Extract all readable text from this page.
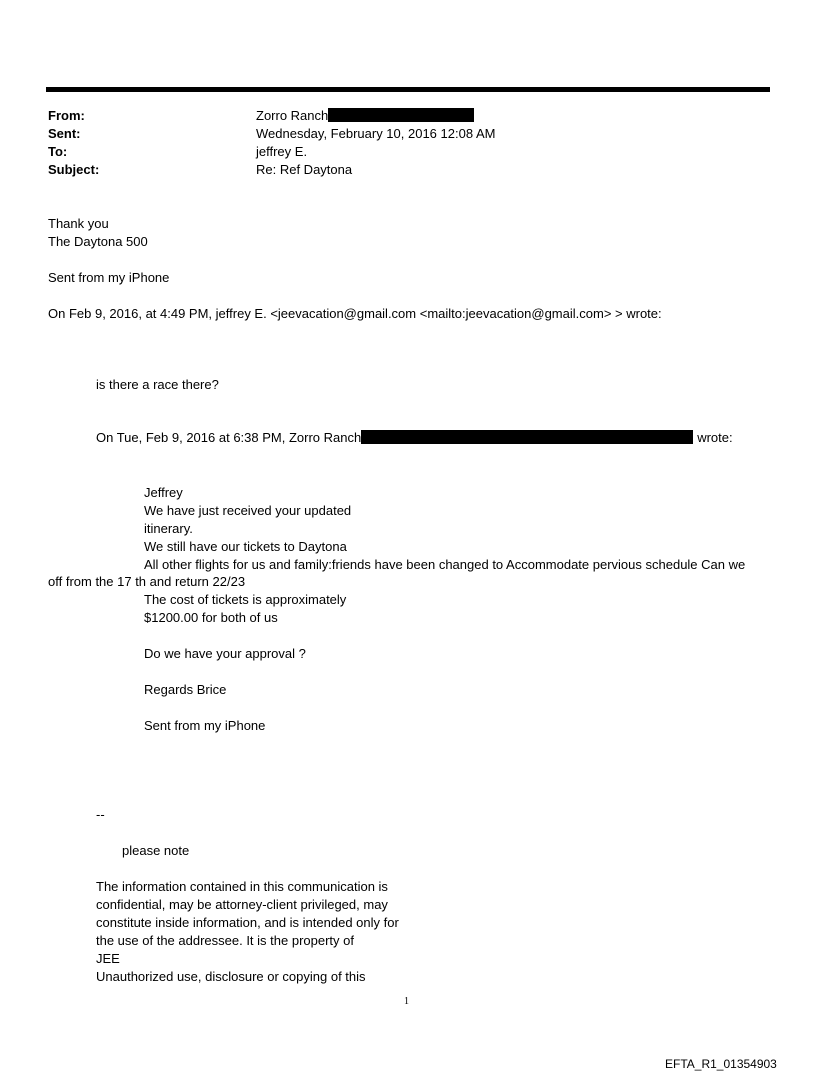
From:	Zorro Ranch
Sent:	Wednesday, February 10, 2016 12:08 AM
To:	jeffrey E.
Subject:	Re: Ref Daytona
Thank you
The Daytona 500
Sent from my iPhone
On Feb 9, 2016, at 4:49 PM, jeffrey E. <jeevacation@gmail.com <mailto:jeevacation@gmail.com> > wrote:
is there a race there?
On Tue, Feb 9, 2016 at 6:38 PM, Zorro Ranch	wrote:
Jeffrey
We have just received your updated
itinerary.
We still have our tickets to Daytona
All other flights for us and family:friends have been changed to Accommodate pervious schedule Can we
off from the 17 th and return 22/23
The cost of tickets is approximately
$1200.00 for both of us
Do we have your approval ?
Regards Brice
Sent from my iPhone
--
please note
The information contained in this communication is
confidential, may be attorney-client privileged, may
constitute inside information, and is intended only for
the use of the addressee. It is the property of
JEE
Unauthorized use, disclosure or copying of this
1
EFTA_R1_01354903
